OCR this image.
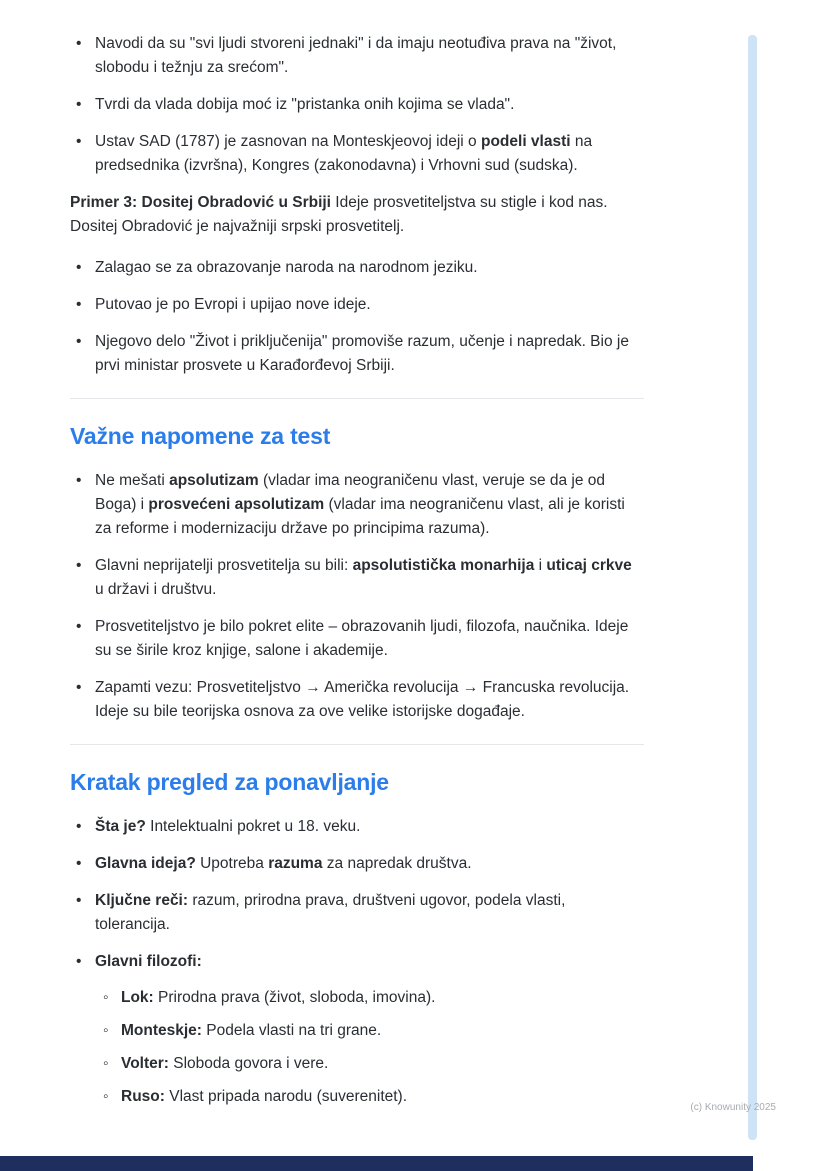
• Navodi da su "svi ljudi stvoreni jednaki" i da imaju neotuđiva prava na "život, slobodu i težnju za srećom".
• Tvrdi da vlada dobija moć iz "pristanka onih kojima se vlada".
• Ustav SAD (1787) je zasnovan na Monteskjeovoj ideji o podeli vlasti na predsednika (izvršna), Kongres (zakonodavna) i Vrhovni sud (sudska).

Primer 3: Dositej Obradović u Srbiji Ideje prosvetiteljstva su stigle i kod nas. Dositej Obradović je najvažniji srpski prosvetitelj.

• Zalagao se za obrazovanje naroda na narodnom jeziku.
• Putovao je po Evropi i upijao nove ideje.
• Njegovo delo "Život i priključenija" promoviše razum, učenje i napredak. Bio je prvi ministar prosvete u Karađorđevoj Srbiji.
Važne napomene za test
• Ne mešati apsolutizam (vladar ima neograničenu vlast, veruje se da je od Boga) i prosvećeni apsolutizam (vladar ima neograničenu vlast, ali je koristi za reforme i modernizaciju države po principima razuma).
• Glavni neprijatelji prosvetitelja su bili: apsolutistička monarhija i uticaj crkve u državi i društvu.
• Prosvetiteljstvo je bilo pokret elite – obrazovanih ljudi, filozofa, naučnika. Ideje su se širile kroz knjige, salone i akademije.
• Zapamti vezu: Prosvetiteljstvo → Američka revolucija → Francuska revolucija. Ideje su bile teorijska osnova za ove velike istorijske događaje.
Kratak pregled za ponavljanje
• Šta je? Intelektualni pokret u 18. veku.
• Glavna ideja? Upotreba razuma za napredak društva.
• Ključne reči: razum, prirodna prava, društveni ugovor, podela vlasti, tolerancija.
• Glavni filozofi:
◦ Lok: Prirodna prava (život, sloboda, imovina).
◦ Monteskje: Podela vlasti na tri grane.
◦ Volter: Sloboda govora i vere.
◦ Ruso: Vlast pripada narodu (suverenitet).
(c) Knowunity 2025
